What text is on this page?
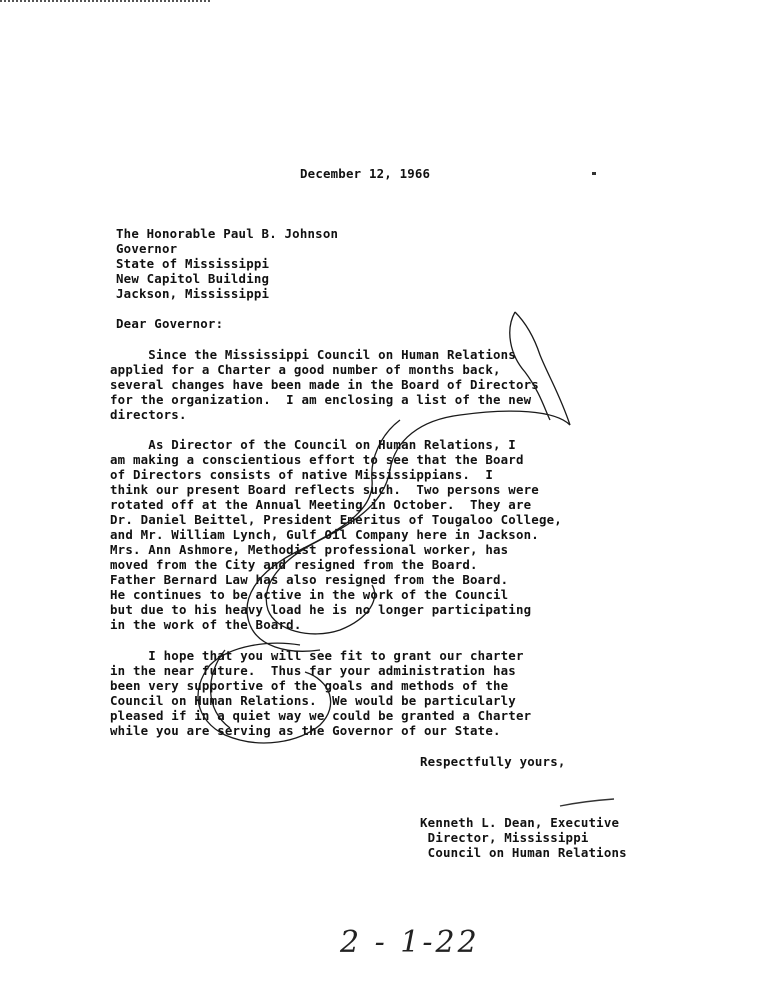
December 12, 1966
The Honorable Paul B. Johnson
Governor
State of Mississippi
New Capitol Building
Jackson, Mississippi
Dear Governor:
Since the Mississippi Council on Human Relations
applied for a Charter a good number of months back,
several changes have been made in the Board of Directors
for the organization.  I am enclosing a list of the new
directors.
As Director of the Council on Human Relations, I
am making a conscientious effort to see that the Board
of Directors consists of native Mississippians.  I
think our present Board reflects such.  Two persons were
rotated off at the Annual Meeting in October.  They are
Dr. Daniel Beittel, President Emeritus of Tougaloo College,
and Mr. William Lynch, Gulf Oil Company here in Jackson.
Mrs. Ann Ashmore, Methodist professional worker, has
moved from the City and resigned from the Board.
Father Bernard Law has also resigned from the Board.
He continues to be active in the work of the Council
but due to his heavy load he is no longer participating
in the work of the Board.
I hope that you will see fit to grant our charter
in the near future.  Thus far your administration has
been very supportive of the goals and methods of the
Council on Human Relations.  We would be particularly
pleased if in a quiet way we could be granted a Charter
while you are serving as the Governor of our State.
Respectfully yours,
Kenneth L. Dean, Executive
Director, Mississippi
Council on Human Relations
2 - 1-22
